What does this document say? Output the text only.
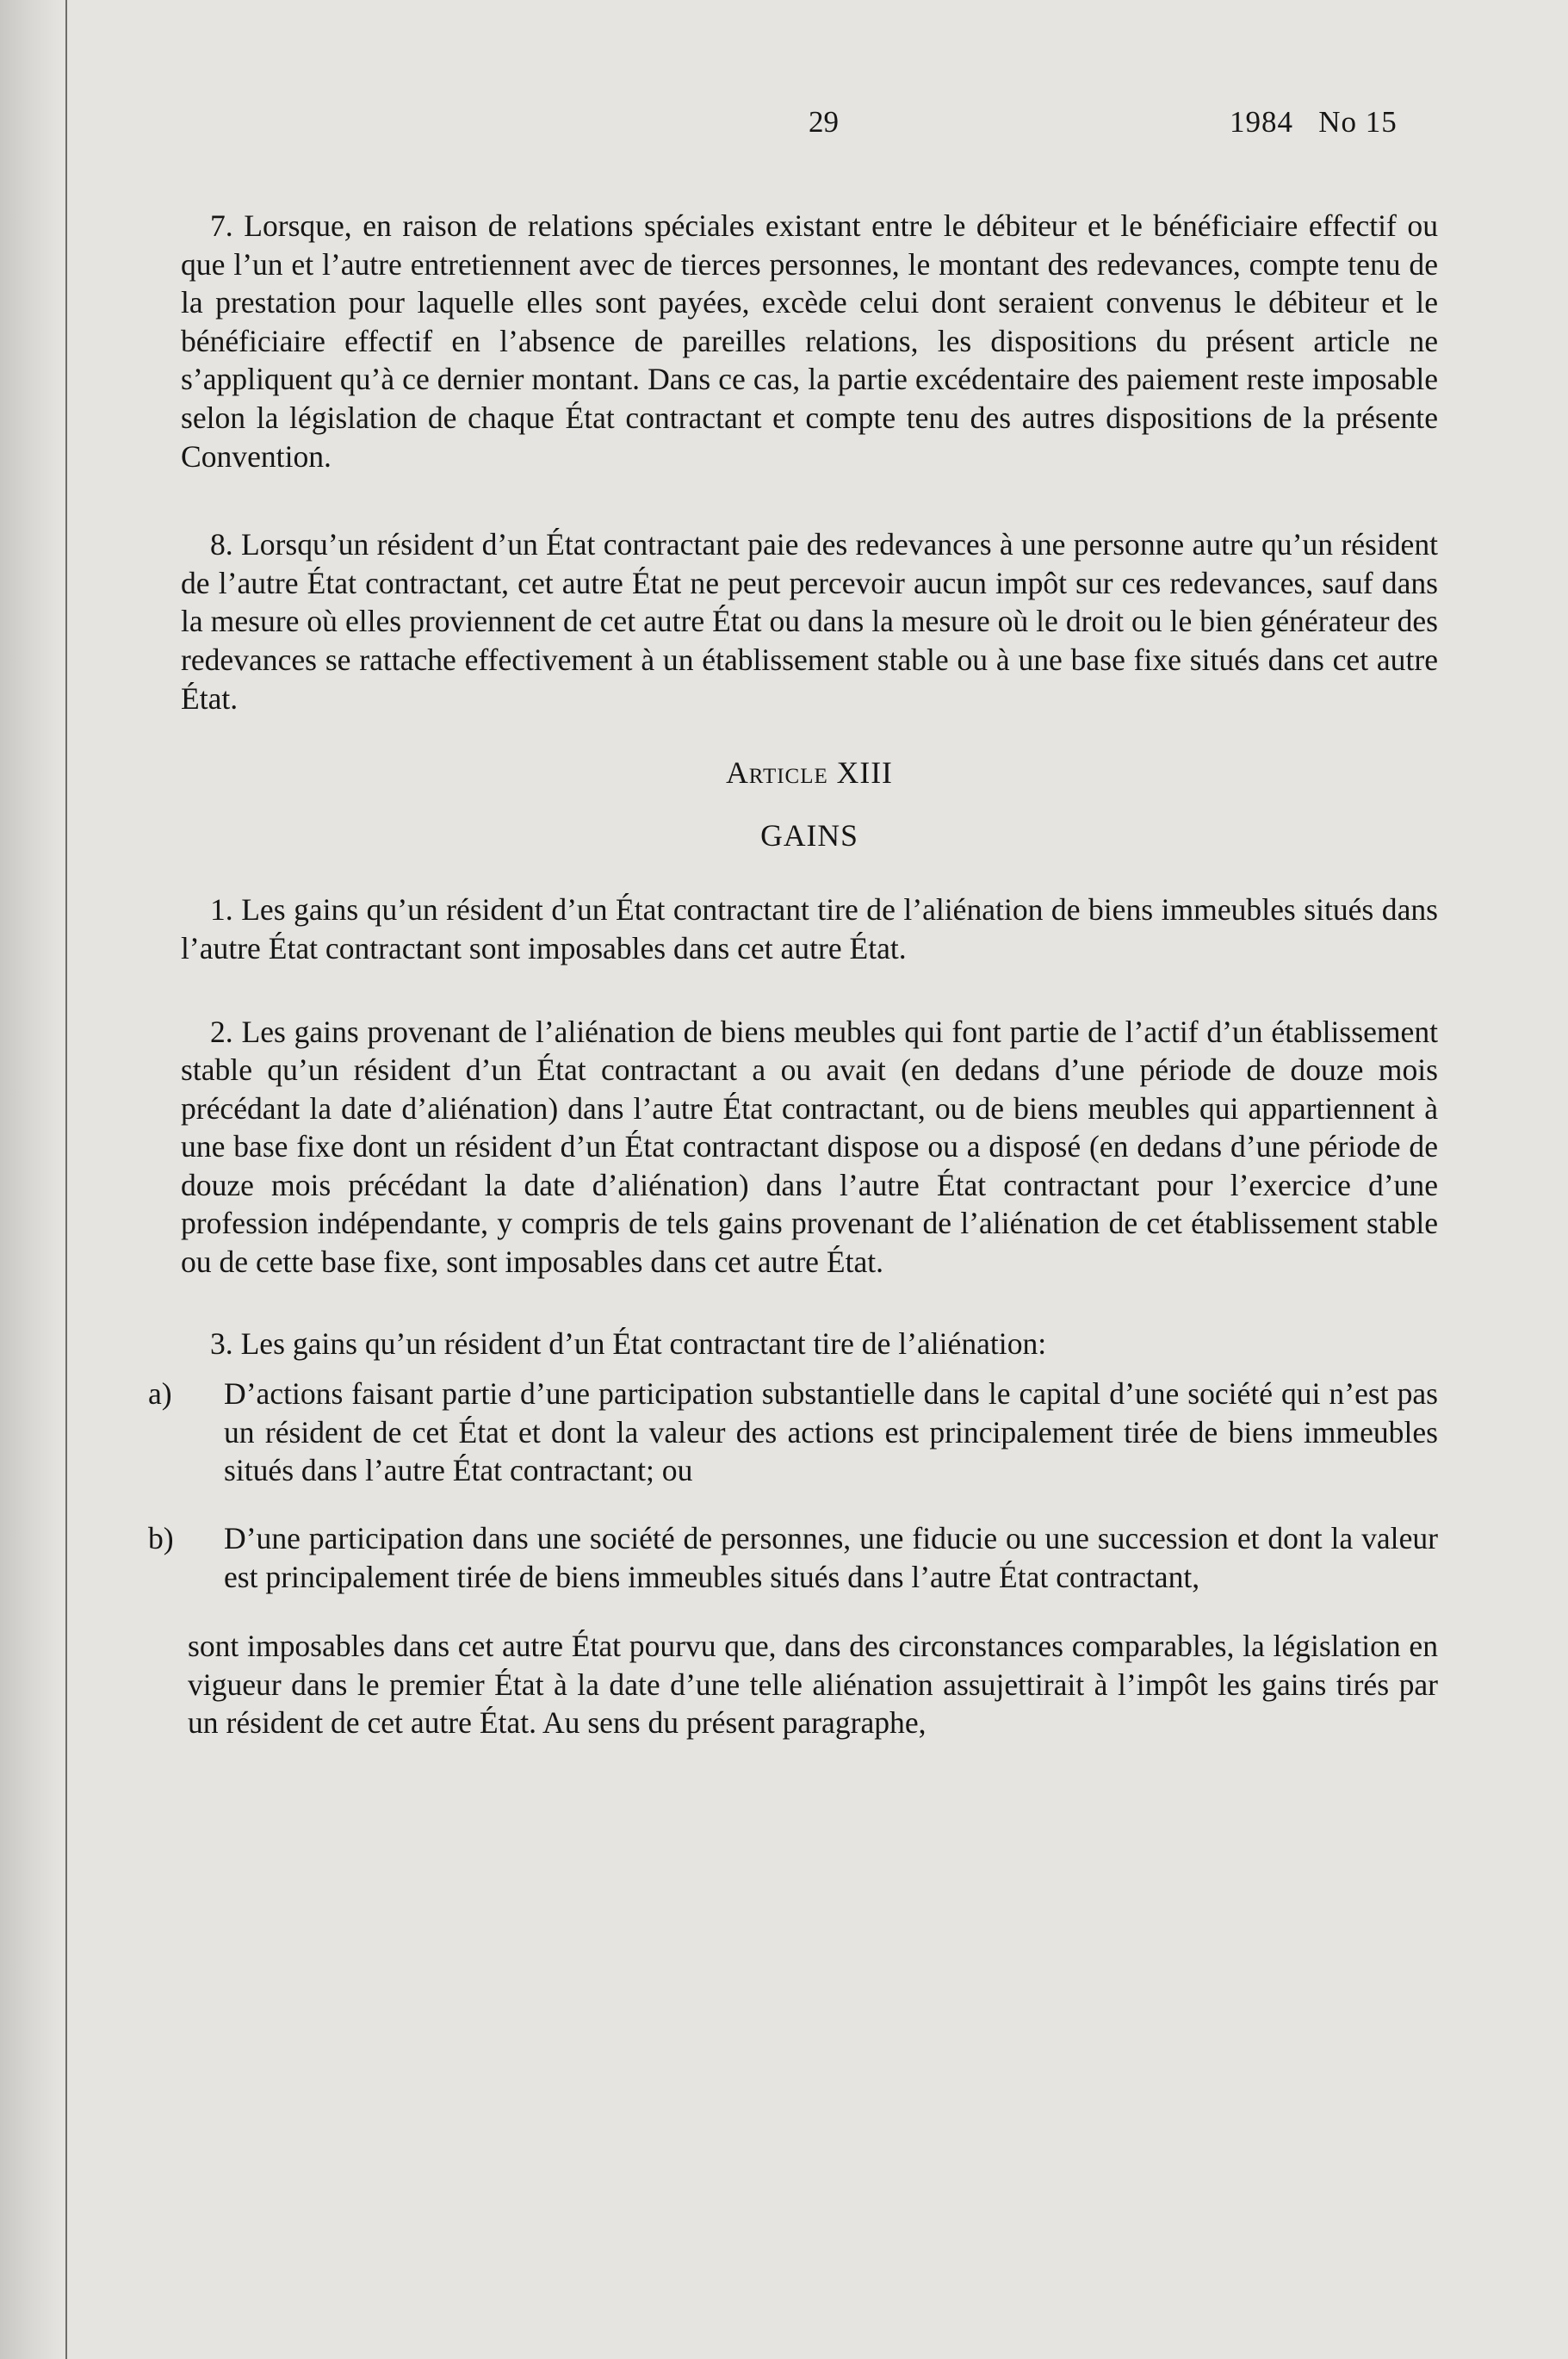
29	1984   No 15

7. Lorsque, en raison de relations spéciales existant entre le débiteur et le bénéficiaire effectif ou que l’un et l’autre entretiennent avec de tierces personnes, le montant des redevances, compte tenu de la prestation pour laquelle elles sont payées, excède celui dont seraient convenus le débiteur et le bénéficiaire effectif en l’absence de pareilles relations, les dispositions du présent article ne s’appliquent qu’à ce dernier montant. Dans ce cas, la partie excédentaire des paiement reste imposable selon la législation de chaque État contractant et compte tenu des autres dispositions de la présente Convention.

8. Lorsqu’un résident d’un État contractant paie des redevances à une personne autre qu’un résident de l’autre État contractant, cet autre État ne peut percevoir aucun impôt sur ces redevances, sauf dans la mesure où elles proviennent de cet autre État ou dans la mesure où le droit ou le bien générateur des redevances se rattache effectivement à un établissement stable ou à une base fixe situés dans cet autre État.

Article XIII

GAINS

1. Les gains qu’un résident d’un État contractant tire de l’aliénation de biens immeubles situés dans l’autre État contractant sont imposables dans cet autre État.

2. Les gains provenant de l’aliénation de biens meubles qui font partie de l’actif d’un établissement stable qu’un résident d’un État contractant a ou avait (en dedans d’une période de douze mois précédant la date d’aliénation) dans l’autre État contractant, ou de biens meubles qui appartiennent à une base fixe dont un résident d’un État contractant dispose ou a disposé (en dedans d’une période de douze mois précédant la date d’aliénation) dans l’autre État contractant pour l’exercice d’une profession indépendante, y compris de tels gains provenant de l’aliénation de cet établissement stable ou de cette base fixe, sont imposables dans cet autre État.

3. Les gains qu’un résident d’un État contractant tire de l’aliénation:

a)	D’actions faisant partie d’une participation substantielle dans le capital d’une société qui n’est pas un résident de cet État et dont la valeur des actions est principalement tirée de biens immeubles situés dans l’autre État contractant; ou
b)	D’une participation dans une société de personnes, une fiducie ou une succession et dont la valeur est principalement tirée de biens immeubles situés dans l’autre État contractant,

sont imposables dans cet autre État pourvu que, dans des circonstances comparables, la législation en vigueur dans le premier État à la date d’une telle aliénation assujettirait à l’impôt les gains tirés par un résident de cet autre État. Au sens du présent paragraphe,
